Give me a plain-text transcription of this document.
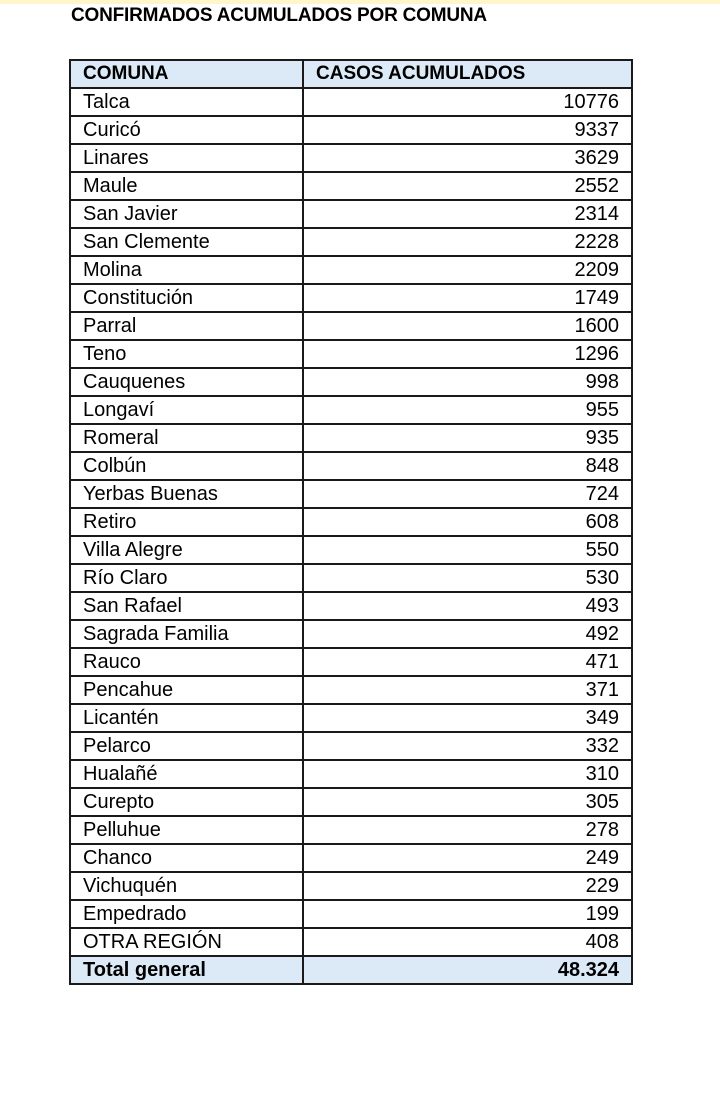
CONFIRMADOS ACUMULADOS POR COMUNA
COMUNA	CASOS ACUMULADOS
Talca	10776
Curicó	9337
Linares	3629
Maule	2552
San Javier	2314
San Clemente	2228
Molina	2209
Constitución	1749
Parral	1600
Teno	1296
Cauquenes	998
Longaví	955
Romeral	935
Colbún	848
Yerbas Buenas	724
Retiro	608
Villa Alegre	550
Río Claro	530
San Rafael	493
Sagrada Familia	492
Rauco	471
Pencahue	371
Licantén	349
Pelarco	332
Hualañé	310
Curepto	305
Pelluhue	278
Chanco	249
Vichuquén	229
Empedrado	199
OTRA REGIÓN	408
Total general	48.324
